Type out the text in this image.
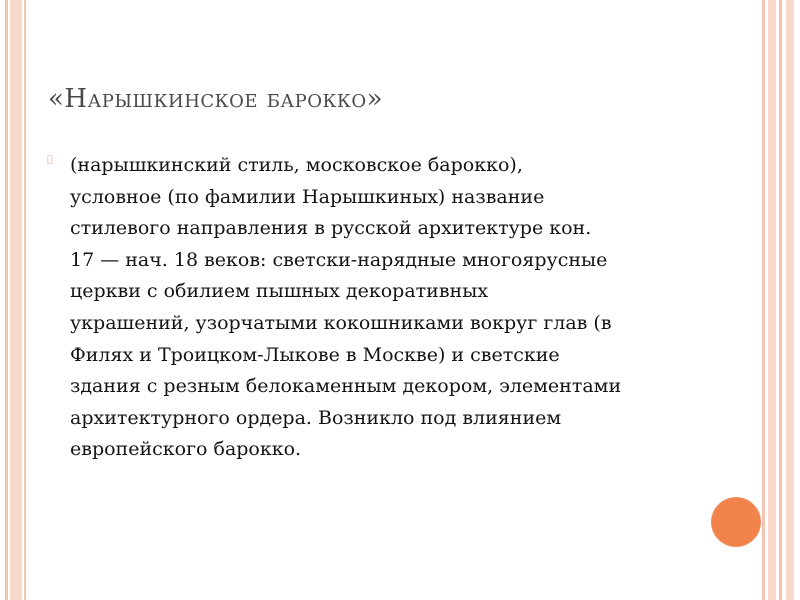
«Нарышкинское барокко»
⌷ (нарышкинский стиль, московское барокко),
условное (по фамилии Нарышкиных) название
стилевого направления в русской архитектуре кон.
17 — нач. 18 веков: светски-нарядные многоярусные
церкви с обилием пышных декоративных
украшений, узорчатыми кокошниками вокруг глав (в
Филях и Троицком-Лыкове в Москве) и светские
здания с резным белокаменным декором, элементами
архитектурного ордера. Возникло под влиянием
европейского барокко.
